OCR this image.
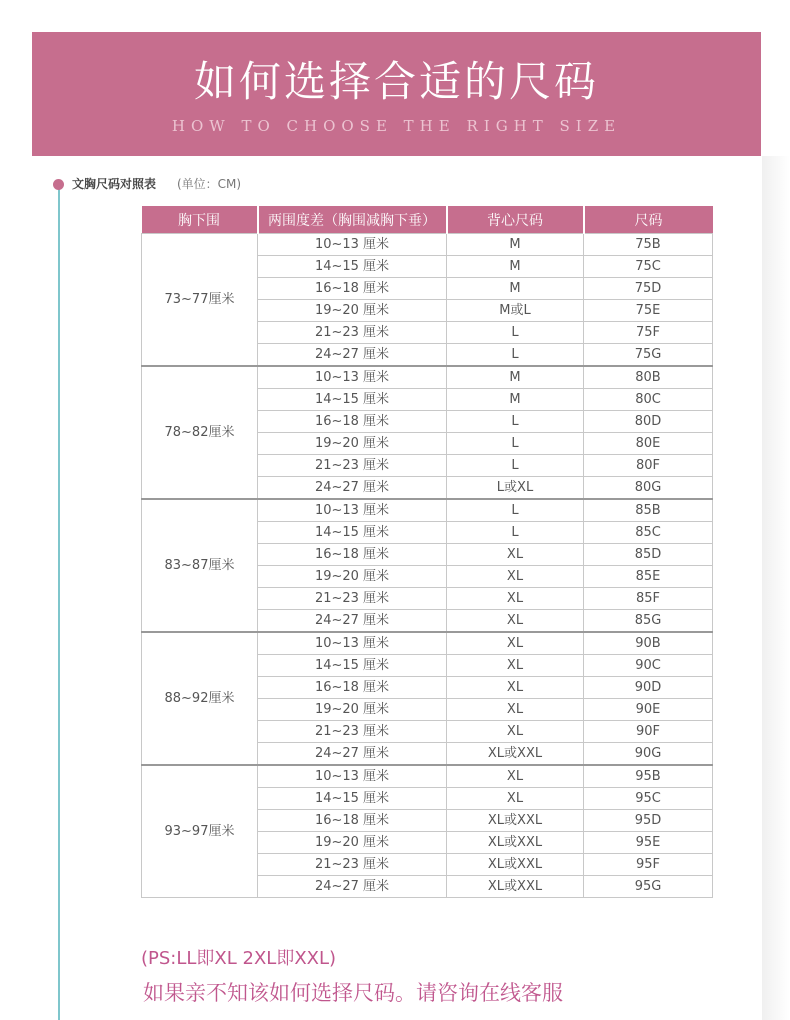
如何选择合适的尺码
HOW TO CHOOSE THE RIGHT SIZE
文胸尺码对照表 (单位：CM)
胸下围	两围度差（胸围减胸下垂）	背心尺码	尺码
73~77厘米	10~13 厘米	M	75B
	14~15 厘米	M	75C
	16~18 厘米	M	75D
	19~20 厘米	M或L	75E
	21~23 厘米	L	75F
	24~27 厘米	L	75G
78~82厘米	10~13 厘米	M	80B
	14~15 厘米	M	80C
	16~18 厘米	L	80D
	19~20 厘米	L	80E
	21~23 厘米	L	80F
	24~27 厘米	L或XL	80G
83~87厘米	10~13 厘米	L	85B
	14~15 厘米	L	85C
	16~18 厘米	XL	85D
	19~20 厘米	XL	85E
	21~23 厘米	XL	85F
	24~27 厘米	XL	85G
88~92厘米	10~13 厘米	XL	90B
	14~15 厘米	XL	90C
	16~18 厘米	XL	90D
	19~20 厘米	XL	90E
	21~23 厘米	XL	90F
	24~27 厘米	XL或XXL	90G
93~97厘米	10~13 厘米	XL	95B
	14~15 厘米	XL	95C
	16~18 厘米	XL或XXL	95D
	19~20 厘米	XL或XXL	95E
	21~23 厘米	XL或XXL	95F
	24~27 厘米	XL或XXL	95G
(PS:LL即XL 2XL即XXL)
如果亲不知该如何选择尺码。请咨询在线客服
